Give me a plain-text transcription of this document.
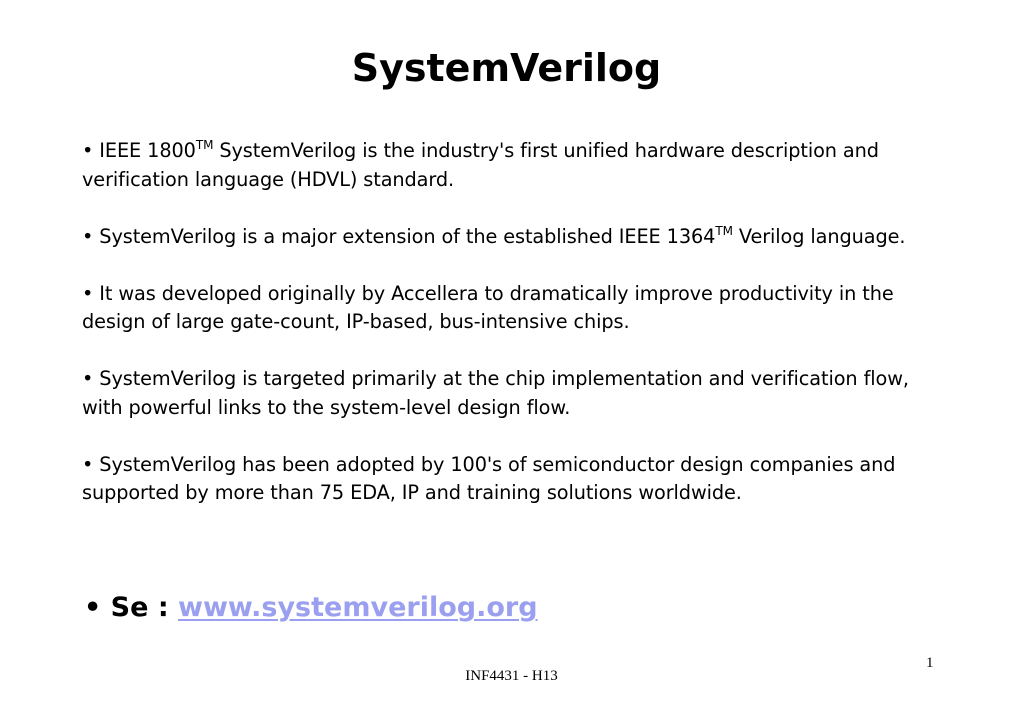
SystemVerilog
• IEEE 1800™ SystemVerilog is the industry's first unified hardware description and verification language (HDVL) standard.
• SystemVerilog is a major extension of the established IEEE 1364™ Verilog language.
• It was developed originally by Accellera to dramatically improve productivity in the design of large gate-count, IP-based, bus-intensive chips.
• SystemVerilog is targeted primarily at the chip implementation and verification flow, with powerful links to the system-level design flow.
• SystemVerilog has been adopted by 100's of semiconductor design companies and supported by more than 75 EDA, IP and training solutions worldwide.

• Se : www.systemverilog.org

1
INF4431 - H13
